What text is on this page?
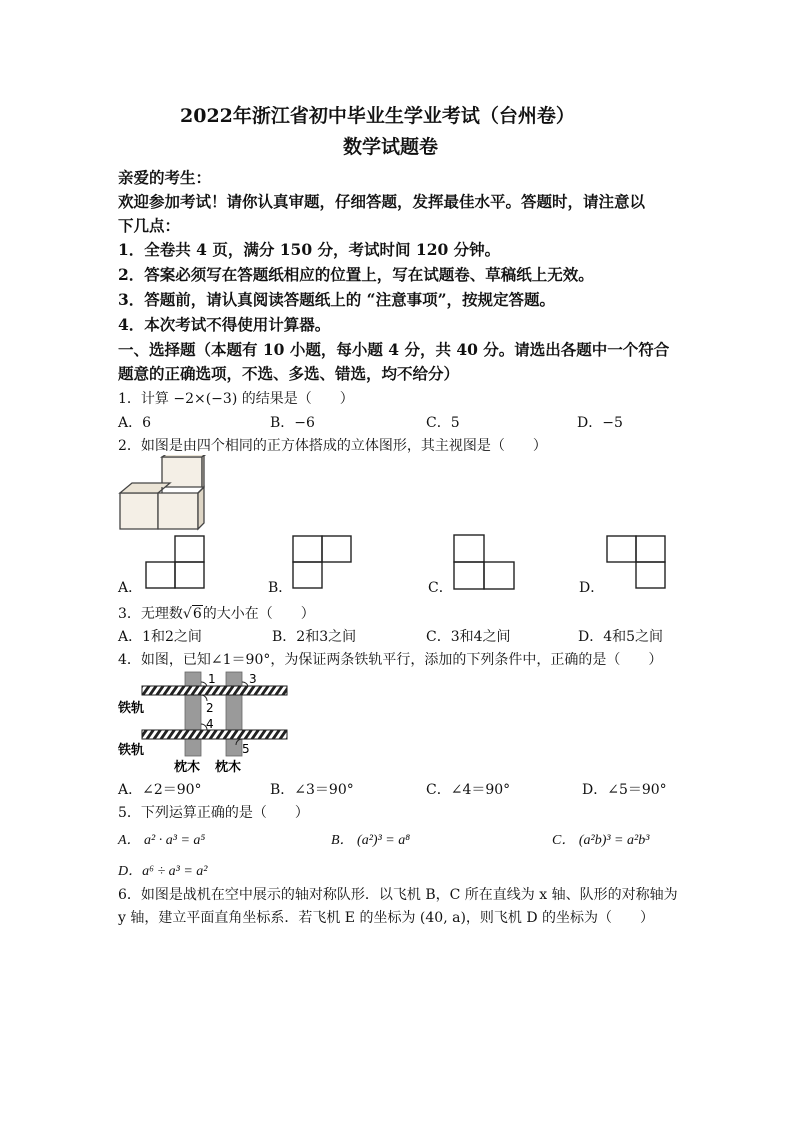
2022年浙江省初中毕业生学业考试（台州卷）
数学试题卷
亲爱的考生：
欢迎参加考试！请你认真审题，仔细答题，发挥最佳水平。答题时，请注意以
下几点：
1．全卷共 4 页，满分 150 分，考试时间 120 分钟。
2．答案必须写在答题纸相应的位置上，写在试题卷、草稿纸上无效。
3．答题前，请认真阅读答题纸上的 “注意事项”，按规定答题。
4．本次考试不得使用计算器。
一、选择题（本题有 10 小题，每小题 4 分，共 40 分。请选出各题中一个符合
题意的正确选项，不选、多选、错选，均不给分）
1．计算 −2×(−3) 的结果是（　　）
A．6	B．−6	C．5	D．−5
2．如图是由四个相同的正方体搭成的立体图形，其主视图是（　　）
A．	B．	C．	D．
3．无理数√6的大小在（　　）
A．1和2之间	B．2和3之间	C．3和4之间	D．4和5之间
4．如图，已知∠1＝90°，为保证两条铁轨平行，添加的下列条件中，正确的是（　　）
1	3
2
4
5
铁轨
铁轨
枕木 枕木
A．∠2＝90°	B．∠3＝90°	C．∠4＝90°	D．∠5＝90°
5．下列运算正确的是（　　）
A． a² · a³ = a⁵	B． (a²)³ = a⁸	C． (a²b)³ = a²b³
D．a⁶ ÷ a³ = a²
6．如图是战机在空中展示的轴对称队形．以飞机 B，C 所在直线为 x 轴、队形的对称轴为
y 轴，建立平面直角坐标系．若飞机 E 的坐标为 (40, a)，则飞机 D 的坐标为（　　）
